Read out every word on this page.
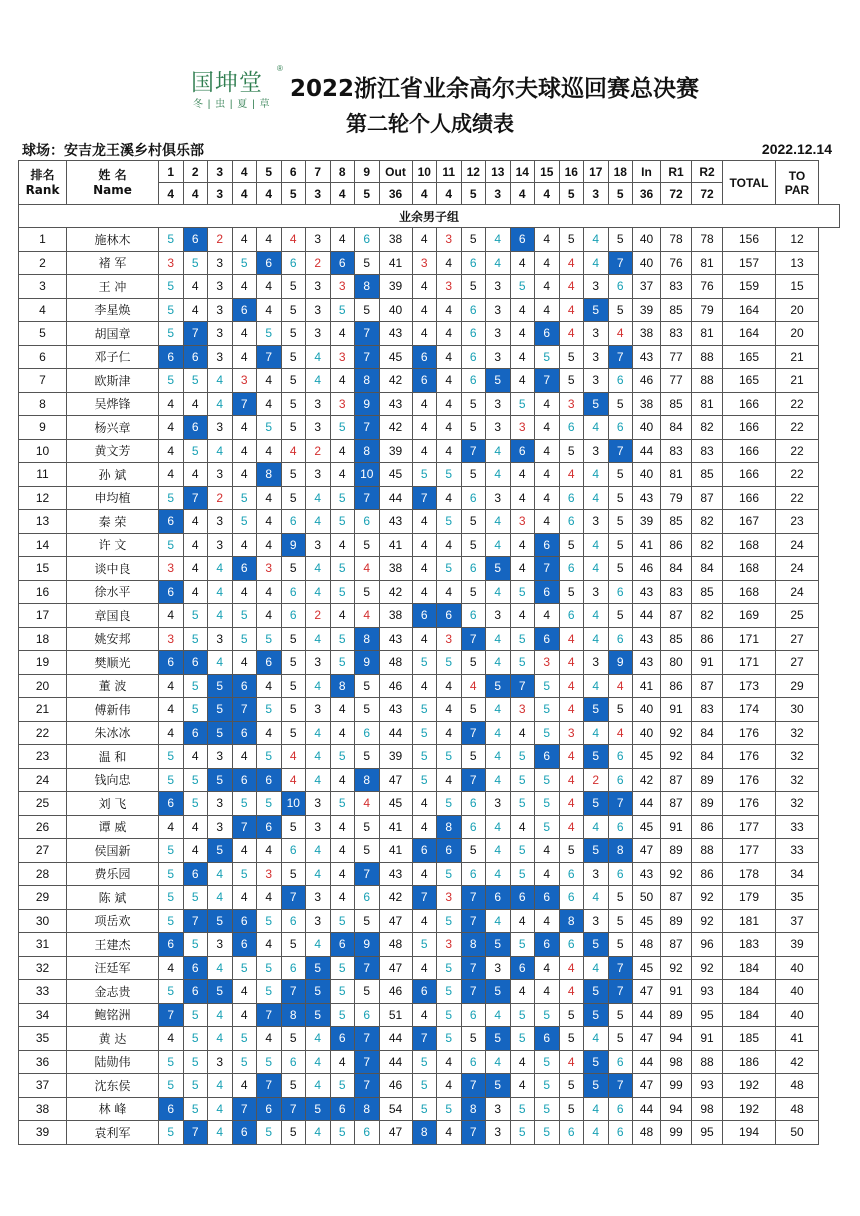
国坤堂
®
冬 | 虫 | 夏 | 草
2022浙江省业余高尔夫球巡回赛总决赛
第二轮个人成绩表
球场：安吉龙王溪乡村俱乐部	2022.12.14
排名
Rank	姓 名
Name	1	2	3	4	5	6	7	8	9	Out	10	11	12	13	14	15	16	17	18	In	R1	R2	TOTAL	TO
PAR
		4	4	3	4	4	5	3	4	5	36	4	4	5	3	4	4	5	3	5	36	72	72		
业余男子组																									
1	施林木	5	6	2	4	4	4	3	4	6	38	4	3	5	4	6	4	5	4	5	40	78	78	156	12
2	褚 军	3	5	3	5	6	6	2	6	5	41	3	4	6	4	4	4	4	4	7	40	76	81	157	13
3	王 冲	5	4	3	4	4	5	3	3	8	39	4	3	5	3	5	4	4	3	6	37	83	76	159	15
4	李星焕	5	4	3	6	4	5	3	5	5	40	4	4	6	3	4	4	4	5	5	39	85	79	164	20
5	胡国章	5	7	3	4	5	5	3	4	7	43	4	4	6	3	4	6	4	3	4	38	83	81	164	20
6	邓子仁	6	6	3	4	7	5	4	3	7	45	6	4	6	3	4	5	5	3	7	43	77	88	165	21
7	欧斯津	5	5	4	3	4	5	4	4	8	42	6	4	6	5	4	7	5	3	6	46	77	88	165	21
8	吴烨锋	4	4	4	7	4	5	3	3	9	43	4	4	5	3	5	4	3	5	5	38	85	81	166	22
9	杨兴章	4	6	3	4	5	5	3	5	7	42	4	4	5	3	3	4	6	4	6	40	84	82	166	22
10	黄文芳	4	5	4	4	4	4	2	4	8	39	4	4	7	4	6	4	5	3	7	44	83	83	166	22
11	孙 斌	4	4	3	4	8	5	3	4	10	45	5	5	5	4	4	4	4	4	5	40	81	85	166	22
12	申均植	5	7	2	5	4	5	4	5	7	44	7	4	6	3	4	4	6	4	5	43	79	87	166	22
13	秦 荣	6	4	3	5	4	6	4	5	6	43	4	5	5	4	3	4	6	3	5	39	85	82	167	23
14	许 文	5	4	3	4	4	9	3	4	5	41	4	4	5	4	4	6	5	4	5	41	86	82	168	24
15	谈中良	3	4	4	6	3	5	4	5	4	38	4	5	6	5	4	7	6	4	5	46	84	84	168	24
16	徐水平	6	4	4	4	4	6	4	5	5	42	4	4	5	4	5	6	5	3	6	43	83	85	168	24
17	章国良	4	5	4	5	4	6	2	4	4	38	6	6	6	3	4	4	6	4	5	44	87	82	169	25
18	姚安邦	3	5	3	5	5	5	4	5	8	43	4	3	7	4	5	6	4	4	6	43	85	86	171	27
19	樊顺光	6	6	4	4	6	5	3	5	9	48	5	5	5	4	5	3	4	3	9	43	80	91	171	27
20	董 波	4	5	5	6	4	5	4	8	5	46	4	4	4	5	7	5	4	4	4	41	86	87	173	29
21	傅新伟	4	5	5	7	5	5	3	4	5	43	5	4	5	4	3	5	4	5	5	40	91	83	174	30
22	朱冰冰	4	6	5	6	4	5	4	4	6	44	5	4	7	4	4	5	3	4	4	40	92	84	176	32
23	温 和	5	4	3	4	5	4	4	5	5	39	5	5	5	4	5	6	4	5	6	45	92	84	176	32
24	钱向忠	5	5	5	6	6	4	4	4	8	47	5	4	7	4	5	5	4	2	6	42	87	89	176	32
25	刘 飞	6	5	3	5	5	10	3	5	4	45	4	5	6	3	5	5	4	5	7	44	87	89	176	32
26	谭 威	4	4	3	7	6	5	3	4	5	41	4	8	6	4	4	5	4	4	6	45	91	86	177	33
27	侯国新	5	4	5	4	4	6	4	4	5	41	6	6	5	4	5	4	5	5	8	47	89	88	177	33
28	费乐园	5	6	4	5	3	5	4	4	7	43	4	5	6	4	5	4	6	3	6	43	92	86	178	34
29	陈 斌	5	5	4	4	4	7	3	4	6	42	7	3	7	6	6	6	6	4	5	50	87	92	179	35
30	项岳欢	5	7	5	6	5	6	3	5	5	47	4	5	7	4	4	4	8	3	5	45	89	92	181	37
31	王建杰	6	5	3	6	4	5	4	6	9	48	5	3	8	5	5	6	6	5	5	48	87	96	183	39
32	汪廷军	4	6	4	5	5	6	5	5	7	47	4	5	7	3	6	4	4	4	7	45	92	92	184	40
33	金志贵	5	6	5	4	5	7	5	5	5	46	6	5	7	5	4	4	4	5	7	47	91	93	184	40
34	鲍铭洲	7	5	4	4	7	8	5	5	6	51	4	5	6	4	5	5	5	5	5	44	89	95	184	40
35	黄 达	4	5	4	5	4	5	4	6	7	44	7	5	5	5	5	6	5	4	5	47	94	91	185	41
36	陆勋伟	5	5	3	5	5	6	4	4	7	44	5	4	6	4	4	5	4	5	6	44	98	88	186	42
37	沈东侯	5	5	4	4	7	5	4	5	7	46	5	4	7	5	4	5	5	5	7	47	99	93	192	48
38	林 峰	6	5	4	7	6	7	5	6	8	54	5	5	8	3	5	5	5	4	6	44	94	98	192	48
39	袁利军	5	7	4	6	5	5	4	5	6	47	8	4	7	3	5	5	6	4	6	48	99	95	194	50
